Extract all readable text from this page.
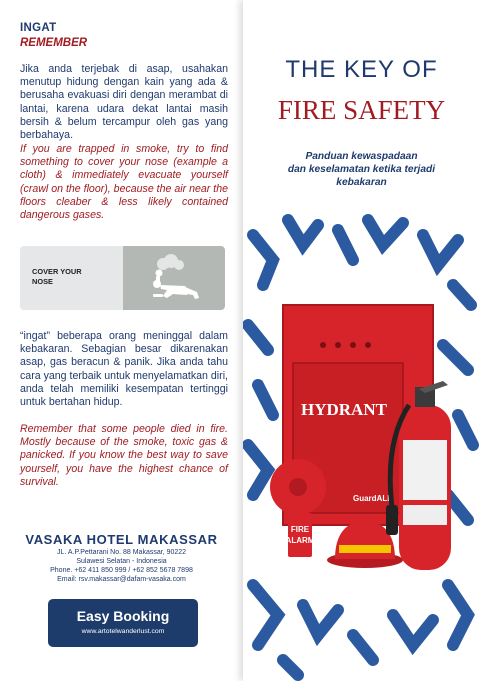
INGAT
REMEMBER

Jika anda terjebak di asap, usahakan menutup hidung dengan kain yang ada & berusaha evakuasi diri dengan merambat di lantai, karena udara dekat lantai masih bersih & belum tercampur oleh gas yang berbahaya.

If you are trapped in smoke, try to find something to cover your nose (example a cloth) & immediately evacuate yourself (crawl on the floor), because the air near the floors cleaber & less likely contained dangerous gases.

COVER YOUR NOSE

“ingat” beberapa orang meninggal dalam kebakaran. Sebagian besar dikarenakan asap, gas beracun & panik. Jika anda tahu cara yang terbaik untuk menyelamatkan diri, anda telah memiliki kesempatan tertinggi untuk bertahan hidup.

Remember that some people died in fire. Mostly because of the smoke, toxic gas & panicked. If you know the best way to save yourself, you have the highest chance of survival.

VASAKA HOTEL MAKASSAR
JL. A.P.Pettarani No. 88 Makassar, 90222
Sulawesi Selatan - Indonesia
Phone. +62 411 850 999 / +62 852 5678 7898
Email: rsv.makassar@dafam-vasaka.com
Easy Booking
www.artotelwanderlust.com
THE KEY OF
FIRE SAFETY
Panduan kewaspadaan
dan keselamatan ketika terjadi
kebakaran
HYDRANT
GuardALL
FIRE
ALARM
